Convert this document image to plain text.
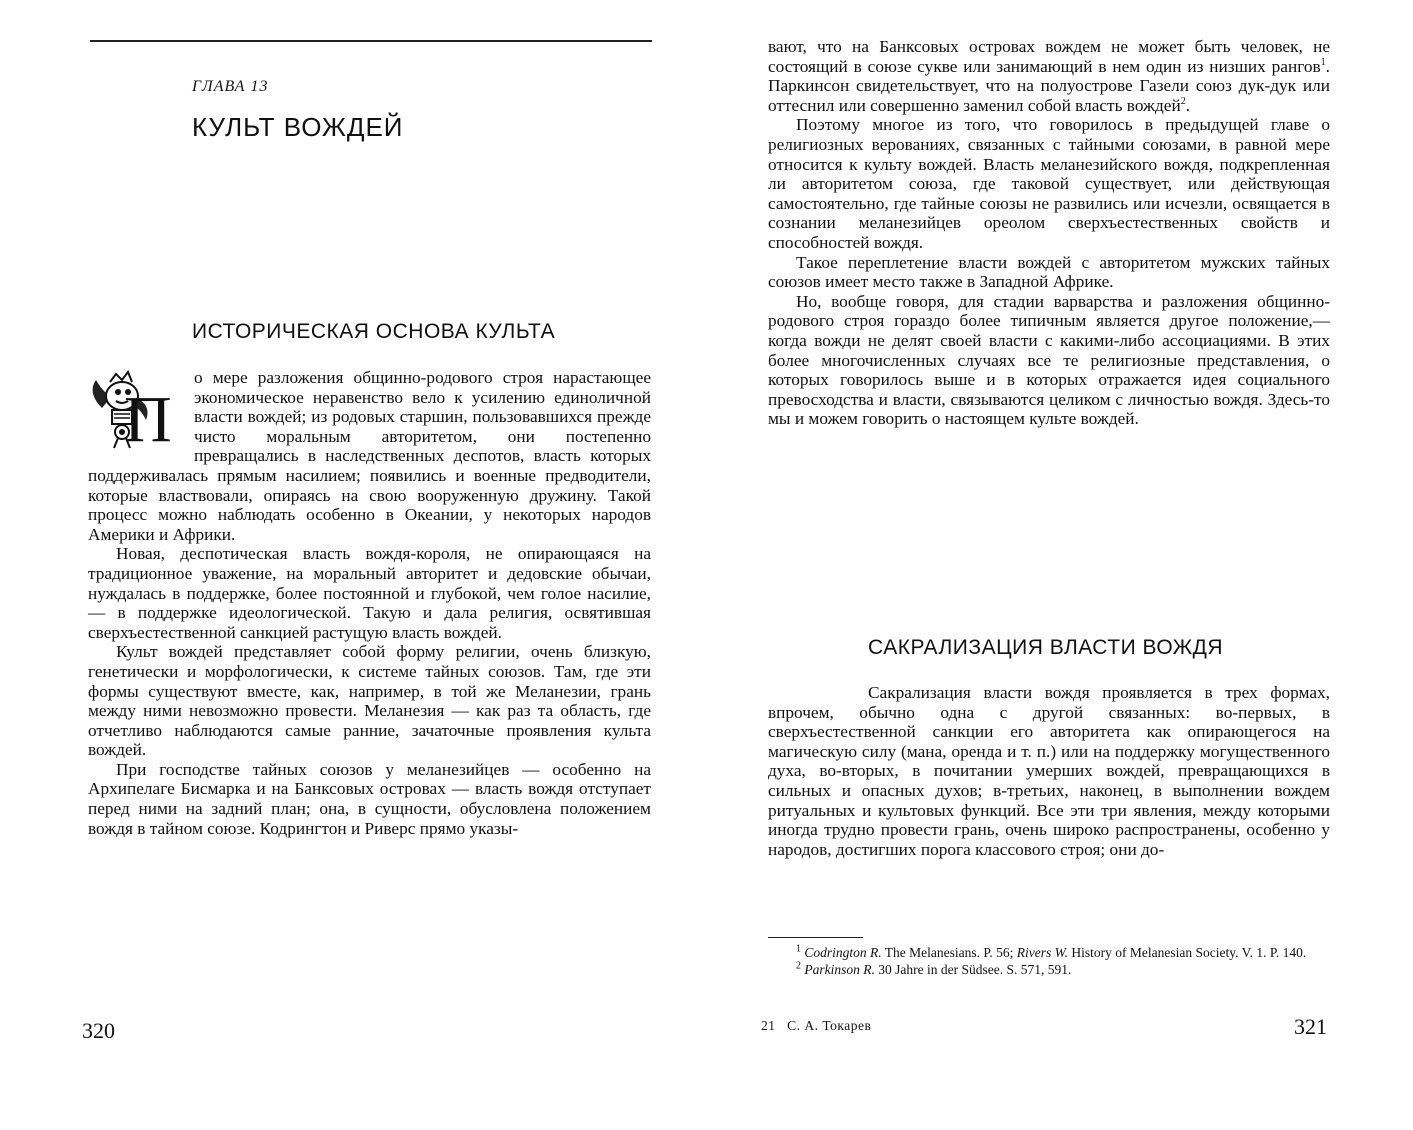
ГЛАВА 13
КУЛЬТ ВОЖДЕЙ
ИСТОРИЧЕСКАЯ ОСНОВА КУЛЬТА
П

о мере разложения общинно-родового строя нарастающее экономическое неравенство вело к усилению единоличной власти вождей; из родовых старшин, пользовавшихся прежде чисто моральным авторитетом, они постепенно превращались в наследственных деспотов, власть которых поддерживалась прямым насилием; появились и военные предводители, которые властвовали, опираясь на свою вооруженную дружину. Такой процесс можно наблюдать особенно в Океании, у некоторых народов Америки и Африки.

Новая, деспотическая власть вождя-короля, не опирающаяся на традиционное уважение, на моральный авторитет и дедовские обычаи, нуждалась в поддержке, более постоянной и глубокой, чем голое насилие,— в поддержке идеологической. Такую и дала религия, освятившая сверхъестественной санкцией растущую власть вождей.

Культ вождей представляет собой форму религии, очень близкую, генетически и морфологически, к системе тайных союзов. Там, где эти формы существуют вместе, как, например, в той же Меланезии, грань между ними невозможно провести. Меланезия — как раз та область, где отчетливо наблюдаются самые ранние, зачаточные проявления культа вождей.

При господстве тайных союзов у меланезийцев — особенно на Архипелаге Бисмарка и на Банксовых островах — власть вождя отступает перед ними на задний план; она, в сущности, обусловлена положением вождя в тайном союзе. Кодрингтон и Риверс прямо указы-

320

вают, что на Банксовых островах вождем не может быть человек, не состоящий в союзе сукве или занимающий в нем один из низших рангов$^1$. Паркинсон свидетельствует, что на полуострове Газели союз дук-дук или оттеснил или совершенно заменил собой власть вождей$^2$.

Поэтому многое из того, что говорилось в предыдущей главе о религиозных верованиях, связанных с тайными союзами, в равной мере относится к культу вождей. Власть меланезийского вождя, подкрепленная ли авторитетом союза, где таковой существует, или действующая самостоятельно, где тайные союзы не развились или исчезли, освящается в сознании меланезийцев ореолом сверхъестественных свойств и способностей вождя.

Такое переплетение власти вождей с авторитетом мужских тайных союзов имеет место также в Западной Африке.

Но, вообще говоря, для стадии варварства и разложения общинно-родового строя гораздо более типичным является другое положение,— когда вожди не делят своей власти с какими-либо ассоциациями. В этих более многочисленных случаях все те религиозные представления, о которых говорилось выше и в которых отражается идея социального превосходства и власти, связываются целиком с личностью вождя. Здесь-то мы и можем говорить о настоящем культе вождей.

САКРАЛИЗАЦИЯ ВЛАСТИ ВОЖДЯ

Сакрализация власти вождя проявляется в трех формах, впрочем, обычно одна с другой связанных: во-первых, в сверхъестественной санкции его авторитета как опирающегося на магическую силу (мана, оренда и т. п.) или на поддержку могущественного духа, во-вторых, в почитании умерших вождей, превращающихся в сильных и опасных духов; в-третьих, наконец, в выполнении вождем ритуальных и культовых функций. Все эти три явления, между которыми иногда трудно провести грань, очень широко распространены, особенно у народов, достигших порога классового строя; они до-

$^1$ Codrington R. The Melanesians. P. 56; Rivers W. History of Melanesian Society. V. 1. P. 140.

$^2$ Parkinson R. 30 Jahre in der Südsee. S. 571, 591.

21   С. А. Токарев	321
